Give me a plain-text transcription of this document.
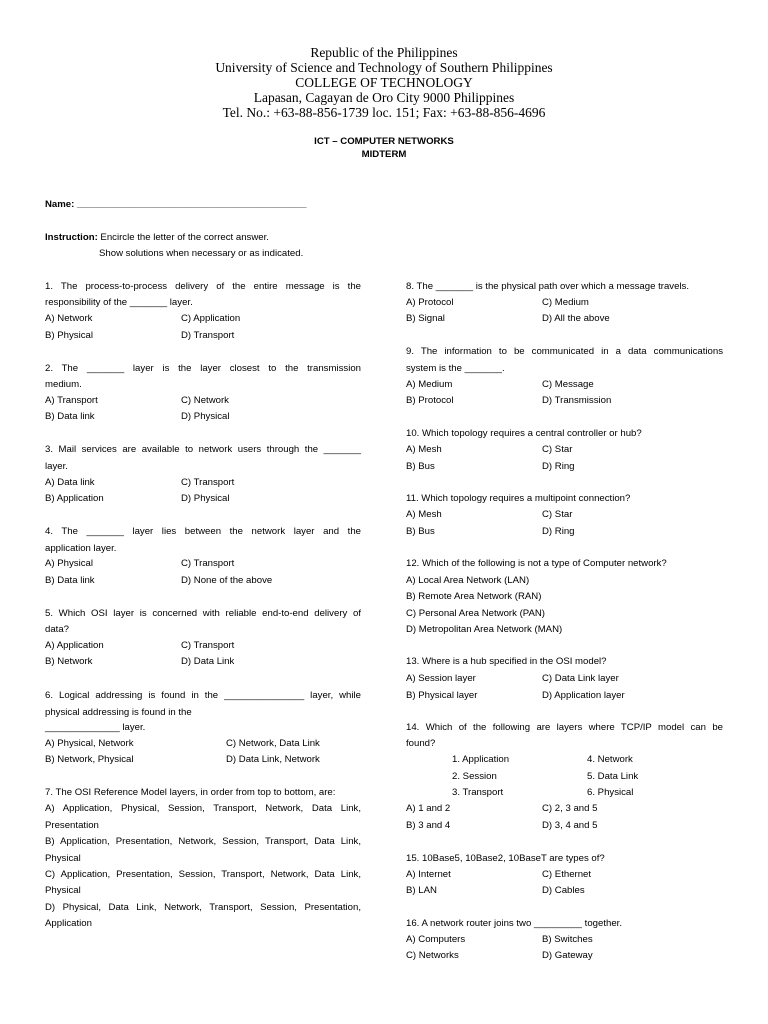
Republic of the Philippines
University of Science and Technology of Southern Philippines
COLLEGE OF TECHNOLOGY
Lapasan, Cagayan de Oro City 9000 Philippines
Tel. No.: +63-88-856-1739 loc. 151; Fax: +63-88-856-4696
ICT – COMPUTER NETWORKS
MIDTERM
Name: ___________________________________________
Instruction: Encircle the letter of the correct answer.
Show solutions when necessary or as indicated.
1. The process-to-process delivery of the entire message is the
responsibility of the _______ layer.
A) Network	C) Application
B) Physical	D) Transport
2. The _______ layer is the layer closest to the transmission
medium.
A) Transport	C) Network
B) Data link	D) Physical
3. Mail services are available to network users through the _______
layer.
A) Data link	C) Transport
B) Application	D) Physical
4. The _______ layer lies between the network layer and the
application layer.
A) Physical	C) Transport
B) Data link	D) None of the above
5. Which OSI layer is concerned with reliable end-to-end delivery of
data?
A) Application	C) Transport
B) Network	D) Data Link
6. Logical addressing is found in the _______________ layer, while
physical addressing is found in the
______________ layer.
A) Physical, Network	C) Network, Data Link
B) Network, Physical	D) Data Link, Network
7. The OSI Reference Model layers, in order from top to bottom, are:
A) Application, Physical, Session, Transport, Network, Data Link,
Presentation
B) Application, Presentation, Network, Session, Transport, Data Link,
Physical
C) Application, Presentation, Session, Transport, Network, Data Link,
Physical
D) Physical, Data Link, Network, Transport, Session, Presentation,
Application
8. The _______ is the physical path over which a message travels.
A) Protocol	C) Medium
B) Signal	D) All the above
9. The information to be communicated in a data communications
system is the _______.
A) Medium	C) Message
B) Protocol	D) Transmission
10. Which topology requires a central controller or hub?
A) Mesh	C) Star
B) Bus	D) Ring
11. Which topology requires a multipoint connection?
A) Mesh	C) Star
B) Bus	D) Ring
12. Which of the following is not a type of Computer network?
A) Local Area Network (LAN)
B) Remote Area Network (RAN)
C) Personal Area Network (PAN)
D) Metropolitan Area Network (MAN)
13. Where is a hub specified in the OSI model?
A) Session layer	C) Data Link layer
B) Physical layer	D) Application layer
14. Which of the following are layers where TCP/IP model can be
found?
1. Application	4. Network
2. Session	5. Data Link
3. Transport	6. Physical
A) 1 and 2	C) 2, 3 and 5
B) 3 and 4	D) 3, 4 and 5
15. 10Base5, 10Base2, 10BaseT are types of?
A) Internet	C) Ethernet
B) LAN	D) Cables
16. A network router joins two _________ together.
A) Computers	B) Switches
C) Networks	D) Gateway
